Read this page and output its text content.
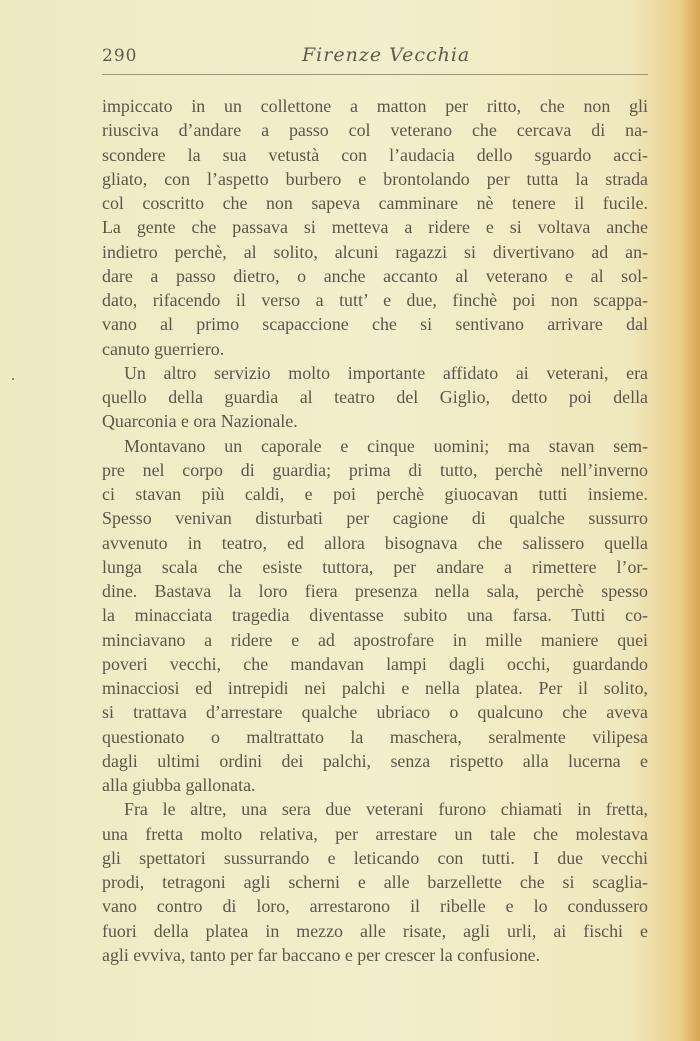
290	Firenze Vecchia

impiccato in un collettone a matton per ritto, che non gli
riusciva d’andare a passo col veterano che cercava di na-
scondere la sua vetustà con l’audacia dello sguardo acci-
gliato, con l’aspetto burbero e brontolando per tutta la strada
col coscritto che non sapeva camminare nè tenere il fucile.
La gente che passava si metteva a ridere e si voltava anche
indietro perchè, al solito, alcuni ragazzi si divertivano ad an-
dare a passo dietro, o anche accanto al veterano e al sol-
dato, rifacendo il verso a tutt’ e due, finchè poi non scappa-
vano al primo scapaccione che si sentivano arrivare dal
canuto guerriero.

Un altro servizio molto importante affidato ai veterani, era
quello della guardia al teatro del Giglio, detto poi della
Quarconia e ora Nazionale.

Montavano un caporale e cinque uomini; ma stavan sem-
pre nel corpo di guardia; prima di tutto, perchè nell’inverno
ci stavan più caldi, e poi perchè giuocavan tutti insieme.
Spesso venivan disturbati per cagione di qualche sussurro
avvenuto in teatro, ed allora bisognava che salissero quella
lunga scala che esiste tuttora, per andare a rimettere l’or-
dine. Bastava la loro fiera presenza nella sala, perchè spesso
la minacciata tragedia diventasse subito una farsa. Tutti co-
minciavano a ridere e ad apostrofare in mille maniere quei
poveri vecchi, che mandavan lampi dagli occhi, guardando
minacciosi ed intrepidi nei palchi e nella platea. Per il solito,
si trattava d’arrestare qualche ubriaco o qualcuno che aveva
questionato o maltrattato la maschera, seralmente vilipesa
dagli ultimi ordini dei palchi, senza rispetto alla lucerna e
alla giubba gallonata.

Fra le altre, una sera due veterani furono chiamati in fretta,
una fretta molto relativa, per arrestare un tale che molestava
gli spettatori sussurrando e leticando con tutti. I due vecchi
prodi, tetragoni agli scherni e alle barzellette che si scaglia-
vano contro di loro, arrestarono il ribelle e lo condussero
fuori della platea in mezzo alle risate, agli urli, ai fischi e
agli evviva, tanto per far baccano e per crescer la confusione.
